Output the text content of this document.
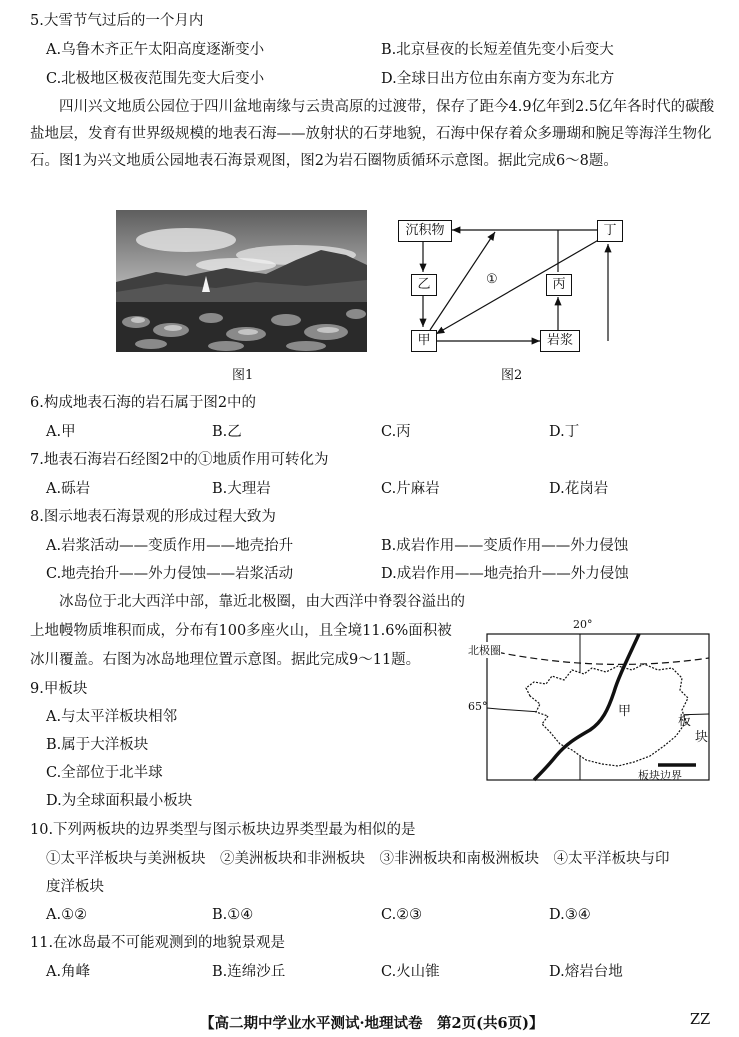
5.大雪节气过后的一个月内
A.乌鲁木齐正午太阳高度逐渐变小	B.北京昼夜的长短差值先变小后变大
C.北极地区极夜范围先变大后变小	D.全球日出方位由东南方变为东北方
四川兴文地质公园位于四川盆地南缘与云贵高原的过渡带，保存了距今4.9亿年到2.5亿年各时代的碳酸盐地层，发育有世界级规模的地表石海——放射状的石芽地貌，石海中保存着众多珊瑚和腕足等海洋生物化石。图1为兴文地质公园地表石海景观图，图2为岩石圈物质循环示意图。据此完成6～8题。
图1
沉积物	丁
乙	丙
甲	岩浆
①
图2
6.构成地表石海的岩石属于图2中的
A.甲	B.乙	C.丙	D.丁
7.地表石海岩石经图2中的①地质作用可转化为
A.砾岩	B.大理岩	C.片麻岩	D.花岗岩
8.图示地表石海景观的形成过程大致为
A.岩浆活动——变质作用——地壳抬升	B.成岩作用——变质作用——外力侵蚀
C.地壳抬升——外力侵蚀——岩浆活动	D.成岩作用——地壳抬升——外力侵蚀
冰岛位于北大西洋中部，靠近北极圈，由大西洋中脊裂谷溢出的上地幔物质堆积而成，分布有100多座火山，且全境11.6%面积被冰川覆盖。右图为冰岛地理位置示意图。据此完成9～11题。
20°
65°
北极圈
甲
板
块
板块边界
9.甲板块
A.与太平洋板块相邻
B.属于大洋板块
C.全部位于北半球
D.为全球面积最小板块
10.下列两板块的边界类型与图示板块边界类型最为相似的是
①太平洋板块与美洲板块　②美洲板块和非洲板块　③非洲板块和南极洲板块　④太平洋板块与印
度洋板块
A.①②	B.①④	C.②③	D.③④
11.在冰岛最不可能观测到的地貌景观是
A.角峰	B.连绵沙丘	C.火山锥	D.熔岩台地
【高二期中学业水平测试·地理试卷　第2页(共6页)】	ZZ
